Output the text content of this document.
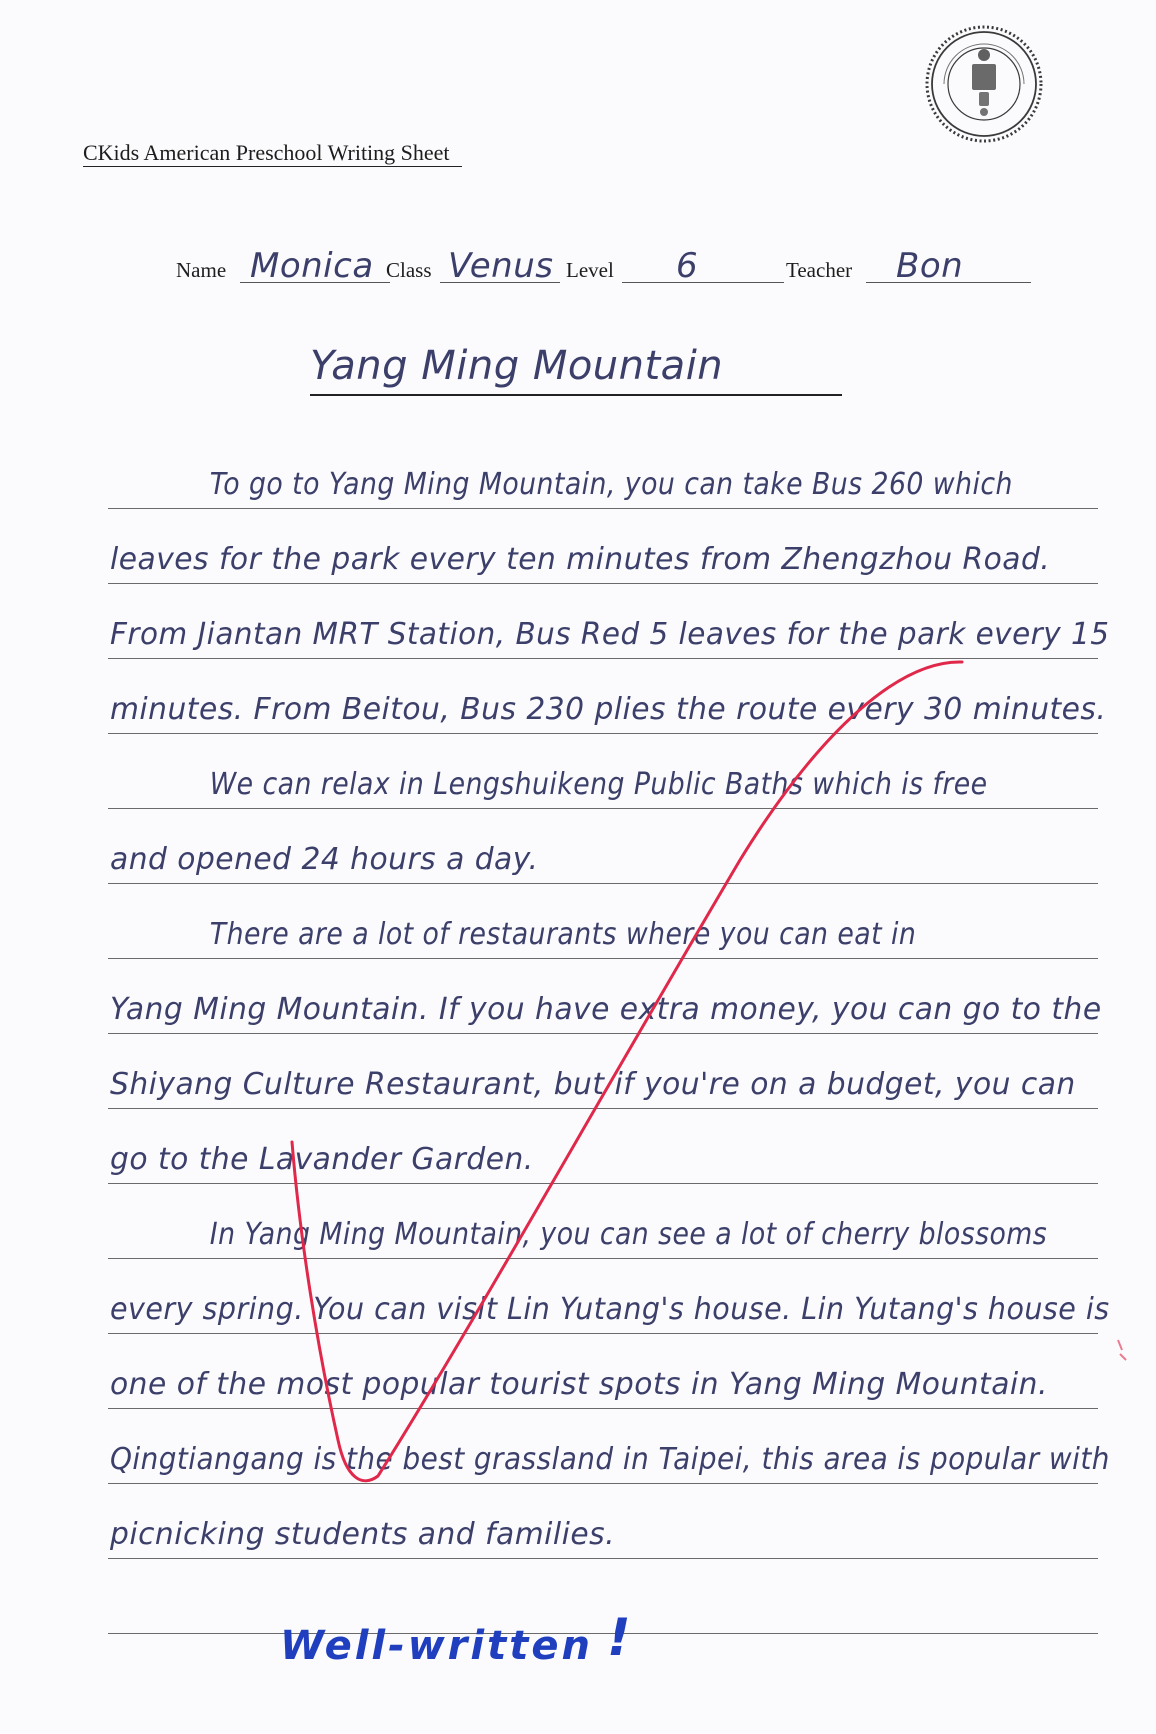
CKids American Preschool Writing Sheet
Name Monica Class Venus Level 6	Teacher Bon
Yang Ming Mountain
To go to Yang Ming Mountain, you can take Bus 260 which
leaves for the park every ten minutes from Zhengzhou Road.
From Jiantan MRT Station, Bus Red 5 leaves for the park every 15
minutes. From Beitou, Bus 230 plies the route every 30 minutes.
We can relax in Lengshuikeng Public Baths which is free
and opened 24 hours a day.
There are a lot of restaurants where you can eat in
Yang Ming Mountain. If you have extra money, you can go to the
Shiyang Culture Restaurant, but if you're on a budget, you can
go to the Lavander Garden.
In Yang Ming Mountain, you can see a lot of cherry blossoms
every spring. You can visit Lin Yutang's house. Lin Yutang's house is
one of the most popular tourist spots in Yang Ming Mountain.
Qingtiangang is the best grassland in Taipei, this area is popular with
picnicking students and families.
Well-written !
